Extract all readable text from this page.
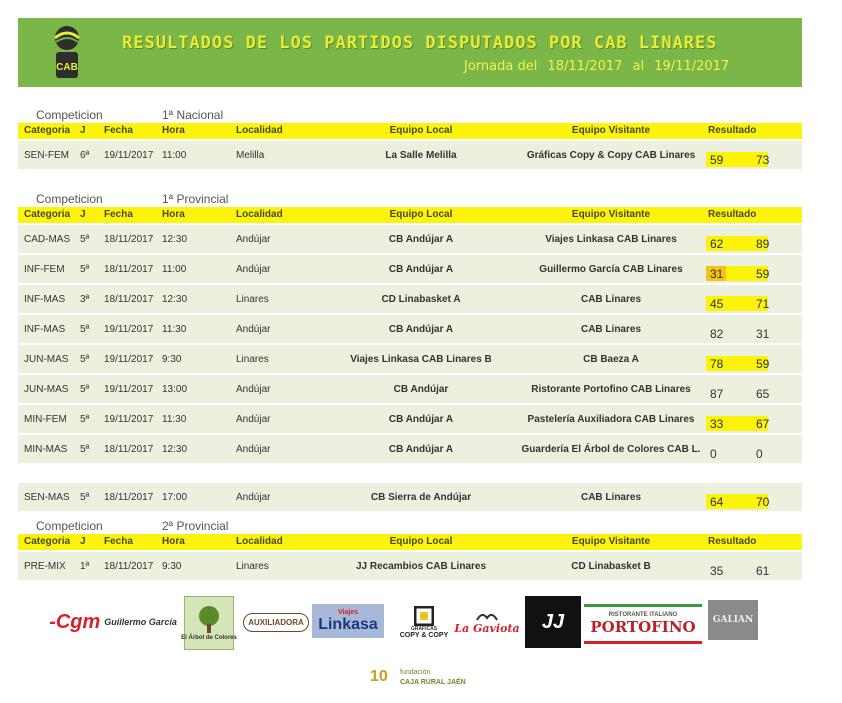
CAB
RESULTADOS DE LOS PARTIDOS DISPUTADOS POR CAB LINARES
Jornada del 18/11/2017 al 19/11/2017
Competicion	1ª Nacional
Categoria J Fecha	Hora	Localidad	Equipo Local	Equipo Visitante	Resultado
SEN-FEM 6ª 19/11/2017 11:00	Melilla	La Salle Melilla	Gráficas Copy & Copy CAB Linares	59	73
Competicion	1ª Provincial
Categoria J Fecha	Hora	Localidad	Equipo Local	Equipo Visitante	Resultado
CAD-MAS 5ª 18/11/2017 12:30	Andújar	CB Andújar A	Viajes Linkasa CAB Linares	62	89
INF-FEM 5ª 18/11/2017 11:00	Andújar	CB Andújar A	Guillermo García CAB Linares	31	59
INF-MAS 3ª 18/11/2017 12:30	Linares	CD Linabasket A	CAB Linares	45	71
INF-MAS 5ª 19/11/2017 11:30	Andújar	CB Andújar A	CAB Linares	82	31
JUN-MAS 5ª 19/11/2017 9:30	Linares	Viajes Linkasa CAB Linares B	CB Baeza A	78	59
JUN-MAS 5ª 19/11/2017 13:00	Andújar	CB Andújar	Ristorante Portofino CAB Linares	87	65
MIN-FEM 5ª 19/11/2017 11:30	Andújar	CB Andújar A	Pastelería Auxiliadora CAB Linares	33	67
MIN-MAS 5ª 18/11/2017 12:30	Andújar	CB Andújar A	Guardería El Árbol de Colores CAB L. 0	0
SEN-MAS 5ª 18/11/2017 17:00	Andújar	CB Sierra de Andújar	CAB Linares	64	70
Competicion	2ª Provincial
Categoria J Fecha	Hora	Localidad	Equipo Local	Equipo Visitante	Resultado
PRE-MIX 1ª 18/11/2017 9:30	Linares	JJ Recambios CAB Linares	CD Linabasket B	35	61
-Cgm Guillermo García
El Árbol de Colores
AUXILIADORA
Viajes
Linkasa	GRÁFICAS
COPY & COPY
La Gaviota JJ	RISTORANTE ITALIANO
PORTOFINO GALIAN
10 fundación
CAJA RURAL JAÉN
